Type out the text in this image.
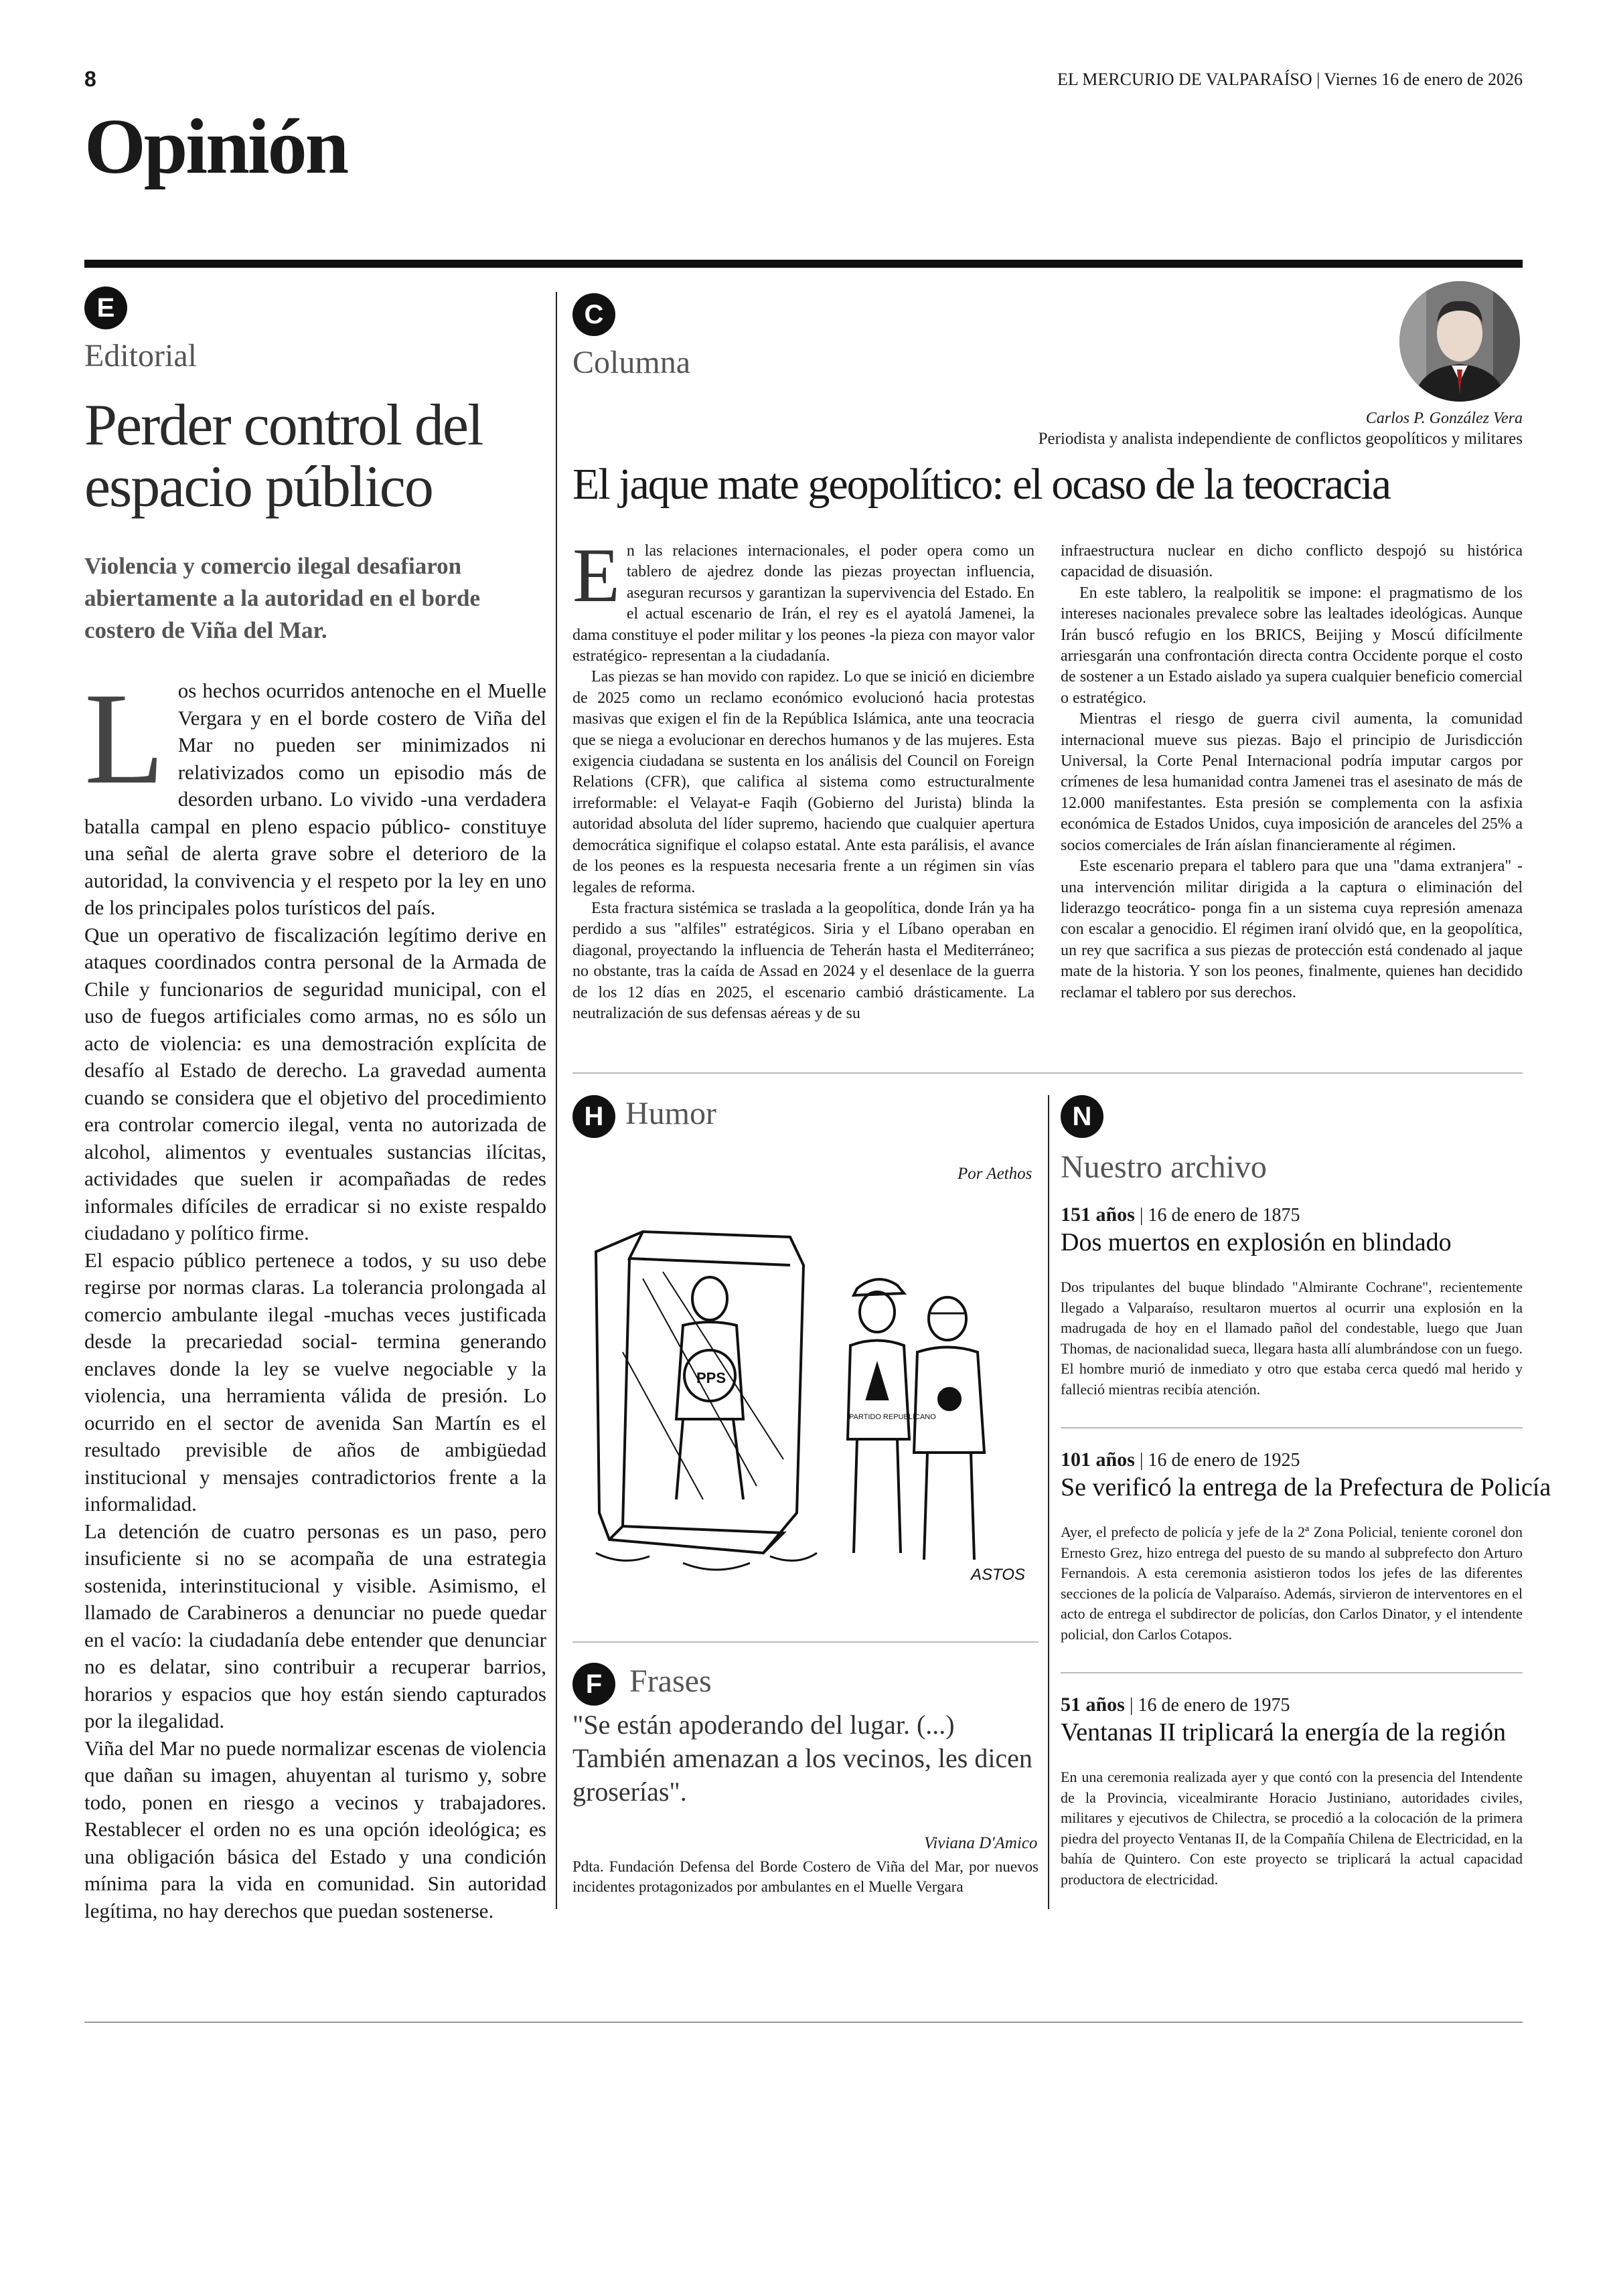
8	EL MERCURIO DE VALPARAÍSO | Viernes 16 de enero de 2026
Opinión
E
Editorial
Perder control del espacio público
Violencia y comercio ilegal desafiaron abiertamente a la autoridad en el borde costero de Viña del Mar.

Los hechos ocurridos antenoche en el Muelle Vergara y en el borde costero de Viña del Mar no pueden ser minimizados ni relativizados como un episodio más de desorden urbano. Lo vivido -una verdadera batalla campal en pleno espacio público- constituye una señal de alerta grave sobre el deterioro de la autoridad, la convivencia y el respeto por la ley en uno de los principales polos turísticos del país.

Que un operativo de fiscalización legítimo derive en ataques coordinados contra personal de la Armada de Chile y funcionarios de seguridad municipal, con el uso de fuegos artificiales como armas, no es sólo un acto de violencia: es una demostración explícita de desafío al Estado de derecho. La gravedad aumenta cuando se considera que el objetivo del procedimiento era controlar comercio ilegal, venta no autorizada de alcohol, alimentos y eventuales sustancias ilícitas, actividades que suelen ir acompañadas de redes informales difíciles de erradicar si no existe respaldo ciudadano y político firme.

El espacio público pertenece a todos, y su uso debe regirse por normas claras. La tolerancia prolongada al comercio ambulante ilegal -muchas veces justificada desde la precariedad social- termina generando enclaves donde la ley se vuelve negociable y la violencia, una herramienta válida de presión. Lo ocurrido en el sector de avenida San Martín es el resultado previsible de años de ambigüedad institucional y mensajes contradictorios frente a la informalidad.

La detención de cuatro personas es un paso, pero insuficiente si no se acompaña de una estrategia sostenida, interinstitucional y visible. Asimismo, el llamado de Carabineros a denunciar no puede quedar en el vacío: la ciudadanía debe entender que denunciar no es delatar, sino contribuir a recuperar barrios, horarios y espacios que hoy están siendo capturados por la ilegalidad.

Viña del Mar no puede normalizar escenas de violencia que dañan su imagen, ahuyentan al turismo y, sobre todo, ponen en riesgo a vecinos y trabajadores. Restablecer el orden no es una opción ideológica; es una obligación básica del Estado y una condición mínima para la vida en comunidad. Sin autoridad legítima, no hay derechos que puedan sostenerse.

C
Columna
Carlos P. González Vera
Periodista y analista independiente de conflictos geopolíticos y militares
El jaque mate geopolítico: el ocaso de la teocracia

En las relaciones internacionales, el poder opera como un tablero de ajedrez donde las piezas proyectan influencia, aseguran recursos y garantizan la supervivencia del Estado. En el actual escenario de Irán, el rey es el ayatolá Jamenei, la dama constituye el poder militar y los peones -la pieza con mayor valor estratégico- representan a la ciudadanía.

Las piezas se han movido con rapidez. Lo que se inició en diciembre de 2025 como un reclamo económico evolucionó hacia protestas masivas que exigen el fin de la República Islámica, ante una teocracia que se niega a evolucionar en derechos humanos y de las mujeres. Esta exigencia ciudadana se sustenta en los análisis del Council on Foreign Relations (CFR), que califica al sistema como estructuralmente irreformable: el Velayat-e Faqih (Gobierno del Jurista) blinda la autoridad absoluta del líder supremo, haciendo que cualquier apertura democrática signifique el colapso estatal. Ante esta parálisis, el avance de los peones es la respuesta necesaria frente a un régimen sin vías legales de reforma.

Esta fractura sistémica se traslada a la geopolítica, donde Irán ya ha perdido a sus "alfiles" estratégicos. Siria y el Líbano operaban en diagonal, proyectando la influencia de Teherán hasta el Mediterráneo; no obstante, tras la caída de Assad en 2024 y el desenlace de la guerra de los 12 días en 2025, el escenario cambió drásticamente. La neutralización de sus defensas aéreas y de su

infraestructura nuclear en dicho conflicto despojó su histórica capacidad de disuasión.

En este tablero, la realpolitik se impone: el pragmatismo de los intereses nacionales prevalece sobre las lealtades ideológicas. Aunque Irán buscó refugio en los BRICS, Beijing y Moscú difícilmente arriesgarán una confrontación directa contra Occidente porque el costo de sostener a un Estado aislado ya supera cualquier beneficio comercial o estratégico.

Mientras el riesgo de guerra civil aumenta, la comunidad internacional mueve sus piezas. Bajo el principio de Jurisdicción Universal, la Corte Penal Internacional podría imputar cargos por crímenes de lesa humanidad contra Jamenei tras el asesinato de más de 12.000 manifestantes. Esta presión se complementa con la asfixia económica de Estados Unidos, cuya imposición de aranceles del 25% a socios comerciales de Irán aíslan financieramente al régimen.

Este escenario prepara el tablero para que una "dama extranjera" -una intervención militar dirigida a la captura o eliminación del liderazgo teocrático- ponga fin a un sistema cuya represión amenaza con escalar a genocidio. El régimen iraní olvidó que, en la geopolítica, un rey que sacrifica a sus piezas de protección está condenado al jaque mate de la historia. Y son los peones, finalmente, quienes han decidido reclamar el tablero por sus derechos.

H Humor
Por Aethos
PPS
PARTIDO REPUBLICANO
ASTOS
F Frases
"Se están apoderando del lugar. (...) También amenazan a los vecinos, les dicen groserías".
Viviana D'Amico
Pdta. Fundación Defensa del Borde Costero de Viña del Mar, por nuevos incidentes protagonizados por ambulantes en el Muelle Vergara
N
Nuestro archivo
151 años | 16 de enero de 1875
Dos muertos en explosión en blindado
Dos tripulantes del buque blindado "Almirante Cochrane", recientemente llegado a Valparaíso, resultaron muertos al ocurrir una explosión en la madrugada de hoy en el llamado pañol del condestable, luego que Juan Thomas, de nacionalidad sueca, llegara hasta allí alumbrándose con un fuego. El hombre murió de inmediato y otro que estaba cerca quedó mal herido y falleció mientras recibía atención.
101 años | 16 de enero de 1925
Se verificó la entrega de la Prefectura de Policía
Ayer, el prefecto de policía y jefe de la 2ª Zona Policial, teniente coronel don Ernesto Grez, hizo entrega del puesto de su mando al subprefecto don Arturo Fernandois. A esta ceremonia asistieron todos los jefes de las diferentes secciones de la policía de Valparaíso. Además, sirvieron de interventores en el acto de entrega el subdirector de policías, don Carlos Dinator, y el intendente policial, don Carlos Cotapos.
51 años | 16 de enero de 1975
Ventanas II triplicará la energía de la región
En una ceremonia realizada ayer y que contó con la presencia del Intendente de la Provincia, vicealmirante Horacio Justiniano, autoridades civiles, militares y ejecutivos de Chilectra, se procedió a la colocación de la primera piedra del proyecto Ventanas II, de la Compañía Chilena de Electricidad, en la bahía de Quintero. Con este proyecto se triplicará la actual capacidad productora de electricidad.
